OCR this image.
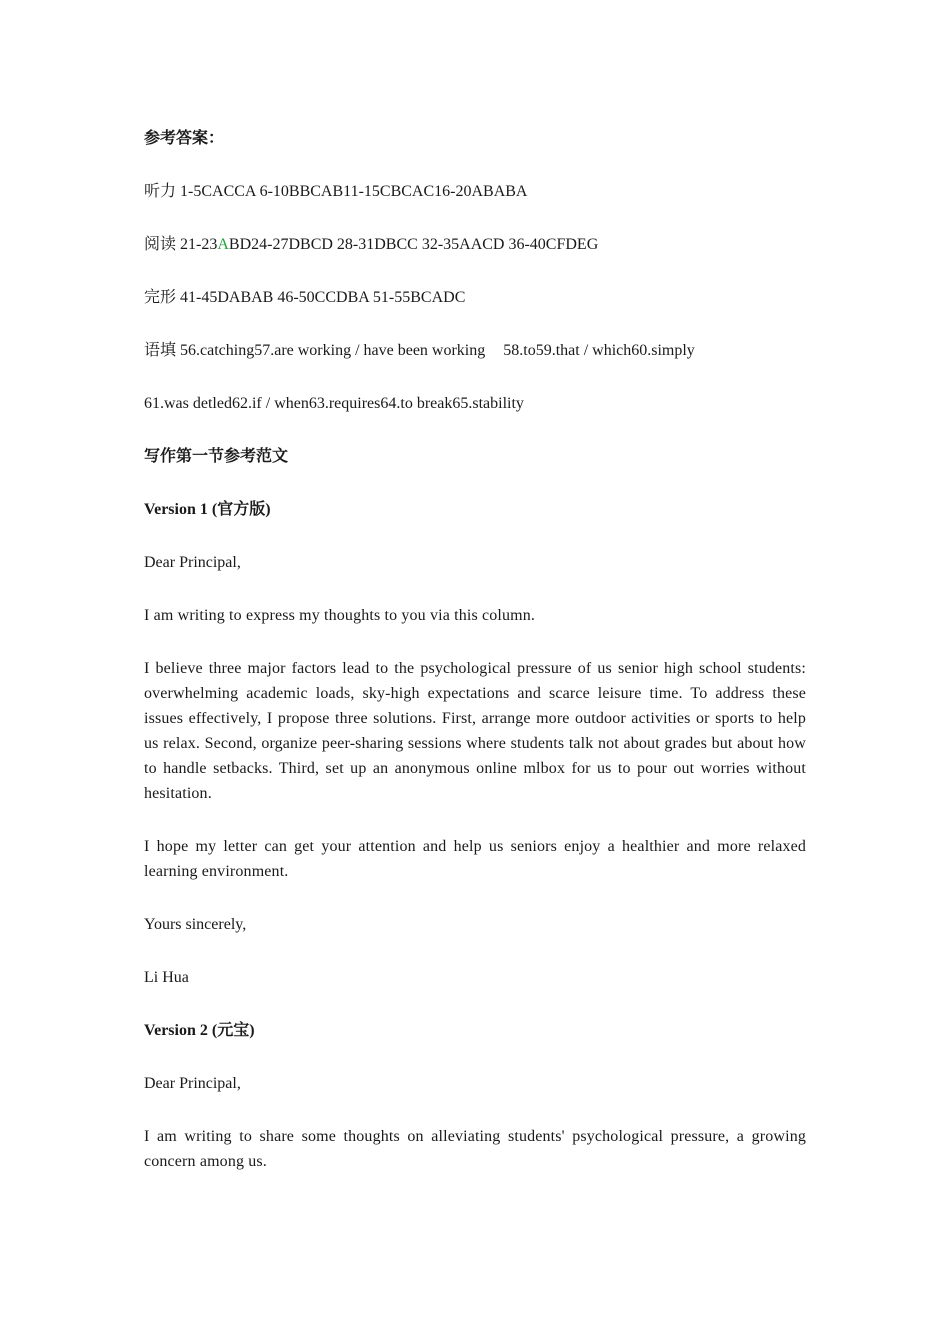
参考答案：

听力 1-5CACCA 6-10BBCAB11-15CBCAC16-20ABABA

阅读 21-23ABD24-27DBCD 28-31DBCC 32-35AACD 36-40CFDEG

完形 41-45DABAB 46-50CCDBA 51-55BCADC

语填 56.catching57.are working / have been working 58.to59.that / which60.simply

61.was detled62.if / when63.requires64.to break65.stability

写作第一节参考范文

Version 1 (官方版)

Dear Principal,

I am writing to express my thoughts to you via this column.

I believe three major factors lead to the psychological pressure of us senior high school students: overwhelming academic loads, sky-high expectations and scarce leisure time. To address these issues effectively, I propose three solutions. First, arrange more outdoor activities or sports to help us relax. Second, organize peer-sharing sessions where students talk not about grades but about how to handle setbacks. Third, set up an anonymous online mlbox for us to pour out worries without hesitation.

I hope my letter can get your attention and help us seniors enjoy a healthier and more relaxed learning environment.

Yours sincerely,

Li Hua

Version 2 (元宝)

Dear Principal,

I am writing to share some thoughts on alleviating students' psychological pressure, a growing concern among us.
